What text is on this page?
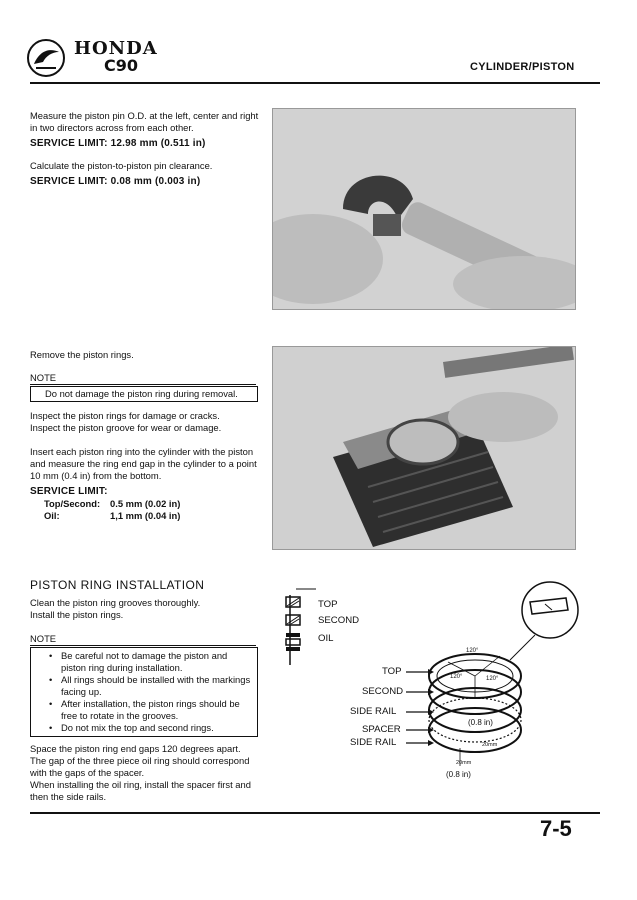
HONDA
C90	CYLINDER/PISTON
Measure the piston pin O.D. at the left, center and right in two directors across from each other.
SERVICE LIMIT: 12.98 mm (0.511 in)
Calculate the piston-to-piston pin clearance.
SERVICE LIMIT: 0.08 mm (0.003 in)
Remove the piston rings.
NOTE
Do not damage the piston ring during removal.
Inspect the piston rings for damage or cracks.
Inspect the piston groove for wear or damage.
Insert each piston ring into the cylinder with the piston and measure the ring end gap in the cylinder to a point 10 mm (0.4 in) from the bottom.
SERVICE LIMIT:
Top/Second: 0.5 mm (0.02 in)
Oil:	1,1 mm (0.04 in)
PISTON RING INSTALLATION
Clean the piston ring grooves thoroughly.
Install the piston rings.
NOTE
• Be careful not to damage the piston and piston ring during installation.
• All rings should be installed with the markings facing up.
• After installation, the piston rings should be free to rotate in the grooves.
• Do not mix the top and second rings.
Space the piston ring end gaps 120 degrees apart. The gap of the three piece oil ring should correspond with the gaps of the spacer.
When installing the oil ring, install the spacer first and then the side rails.
TOP
SECOND
OIL
120°
120°	120°
TOP
SECOND
SIDE RAIL
SPACER
SIDE RAIL
(0.8 in)
20mm
20mm
(0.8 in)
7-5
